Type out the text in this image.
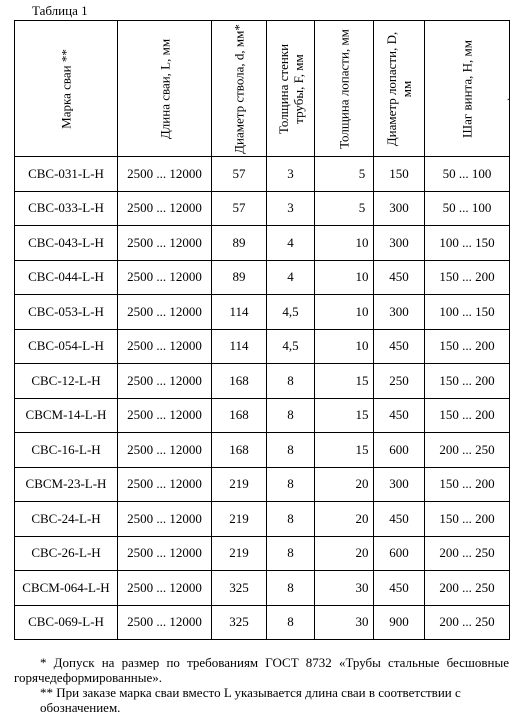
Таблица 1
.
Марка сваи **	Длина сваи, L, мм	Диаметр ствола, d, мм*	Толщина стенки трубы, F, мм	Толщина лопасти, мм	Диаметр лопасти, D, мм	Шаг винта, H, мм

СВС-031-L-H	2500 ... 12000	57	3	5	150	50 ... 100
СВС-033-L-H	2500 ... 12000	57	3	5	300	50 ... 100
СВС-043-L-H	2500 ... 12000	89	4	10	300	100 ... 150
СВС-044-L-H	2500 ... 12000	89	4	10	450	150 ... 200
СВС-053-L-H	2500 ... 12000	114	4,5	10	300	100 ... 150
СВС-054-L-H	2500 ... 12000	114	4,5	10	450	150 ... 200
СВС-12-L-H	2500 ... 12000	168	8	15	250	150 ... 200
СВСМ-14-L-H	2500 ... 12000	168	8	15	450	150 ... 200
СВС-16-L-H	2500 ... 12000	168	8	15	600	200 ... 250
СВСМ-23-L-H	2500 ... 12000	219	8	20	300	150 ... 200
СВС-24-L-H	2500 ... 12000	219	8	20	450	150 ... 200
СВС-26-L-H	2500 ... 12000	219	8	20	600	200 ... 250
СВСМ-064-L-H	2500 ... 12000	325	8	30	450	200 ... 250
СВС-069-L-H	2500 ... 12000	325	8	30	900	200 ... 250
* Допуск на размер по требованиям ГОСТ 8732 «Трубы стальные бесшовные горячедеформированные».
** При заказе марка сваи вместо L указывается длина сваи в соответствии с обозначением.
